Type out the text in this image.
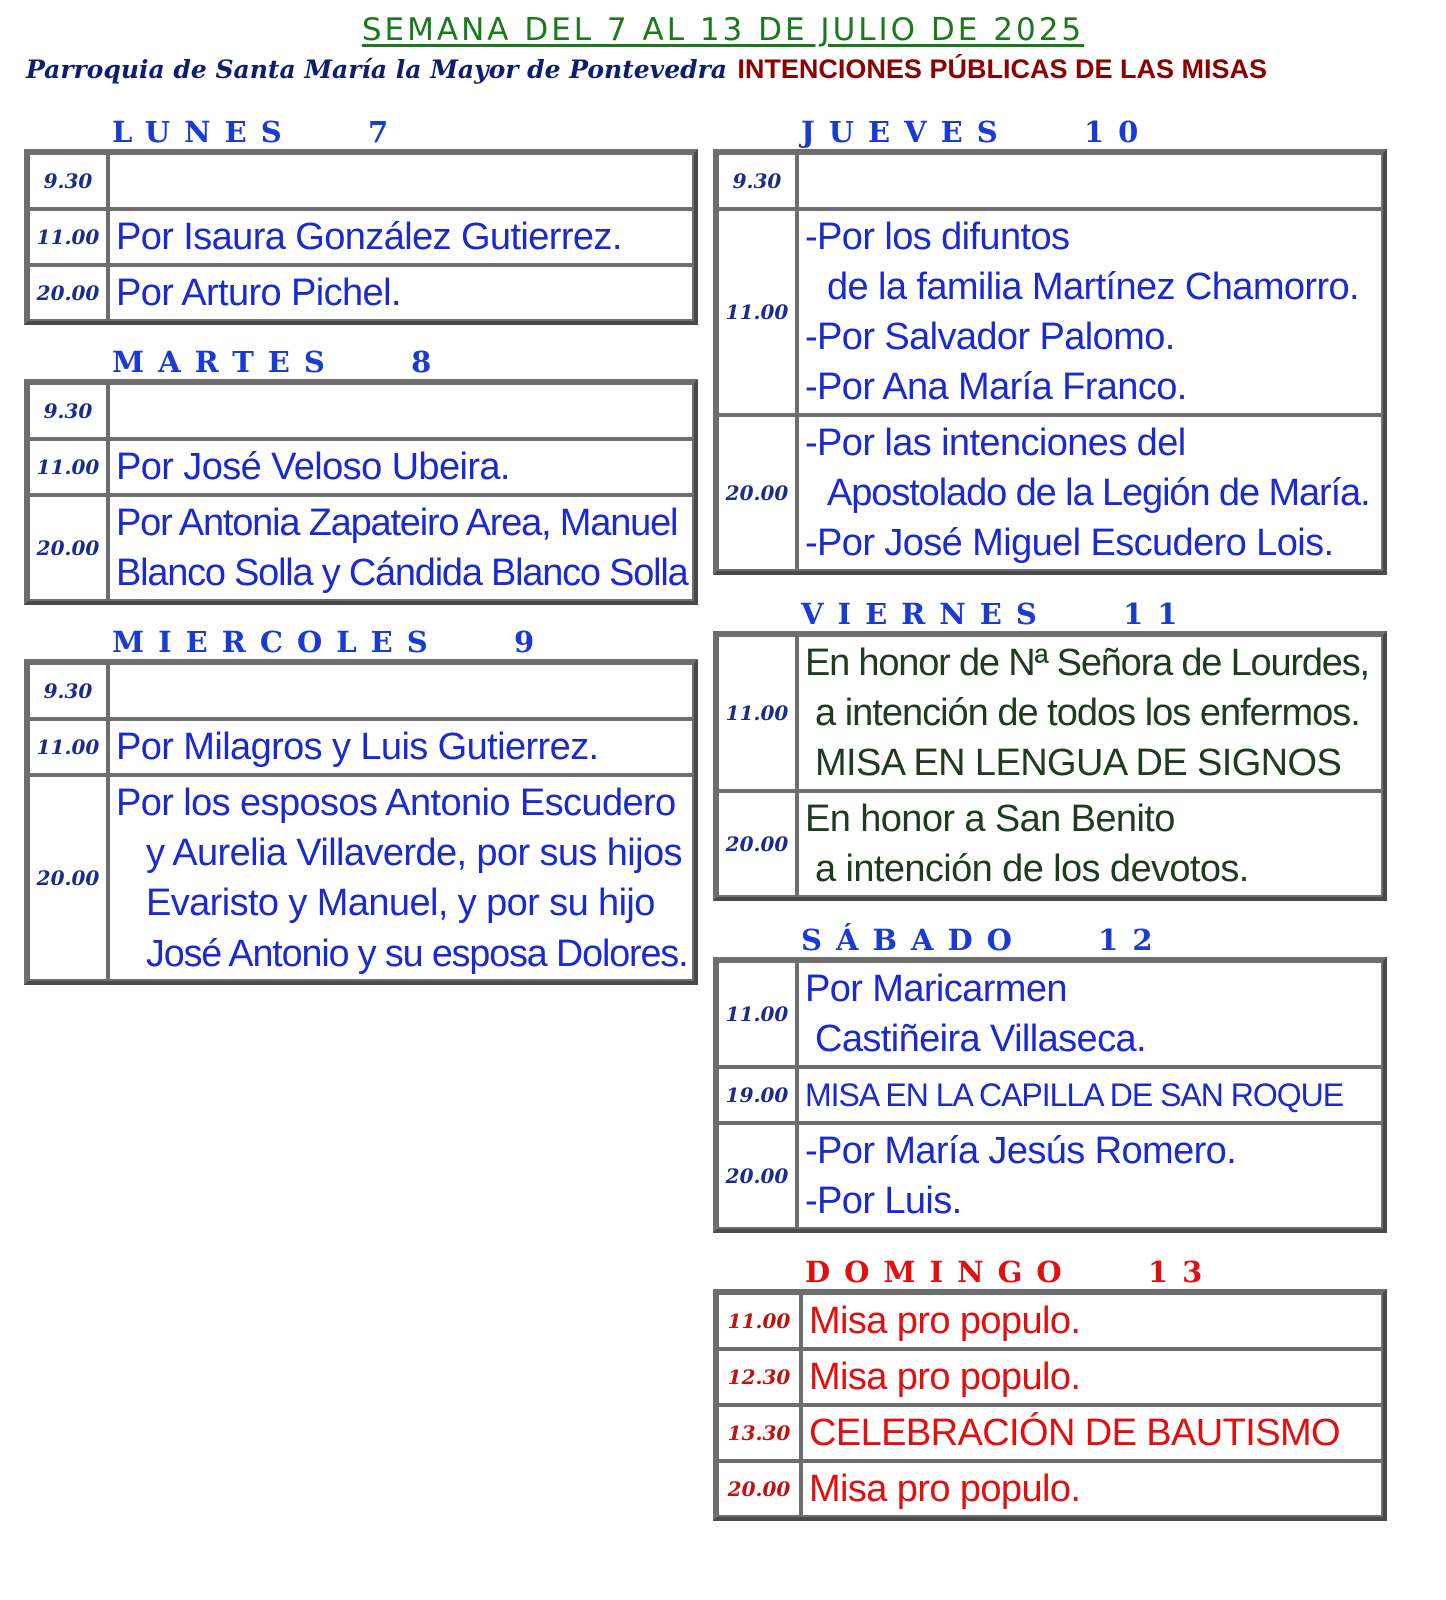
SEMANA DEL 7 AL 13 DE JULIO DE 2025
Parroquia de Santa María la Mayor de Pontevedra INTENCIONES PÚBLICAS DE LAS MISAS
LUNES   7
9.30	
11.00	Por Isaura González Gutierrez.

20.00	Por Arturo Pichel.
MARTES   8
9.30	
11.00	Por José Veloso Ubeira.

20.00	Por Antonia Zapateiro Area, Manuel
Blanco Solla y Cándida Blanco Solla
MIERCOLES   9
9.30	
11.00	Por Milagros y Luis Gutierrez.

20.00	Por los esposos Antonio Escudero
y Aurelia Villaverde, por sus hijos
Evaristo y Manuel, y por su hijo
José Antonio y su esposa Dolores.
JUEVES   10
9.30	
11.00	-Por los difuntos
de la familia Martínez Chamorro.
-Por Salvador Palomo.
-Por Ana María Franco.

20.00	-Por las intenciones del
Apostolado de la Legión de María.
-Por José Miguel Escudero Lois.
VIERNES   11
11.00	En honor de Nª Señora de Lourdes,
a intención de todos los enfermos.
MISA EN LENGUA DE SIGNOS

20.00	En honor a San Benito
a intención de los devotos.
SÁBADO   12
11.00	Por Maricarmen
Castiñeira Villaseca.

19.00	MISA EN LA CAPILLA DE SAN ROQUE

20.00	-Por María Jesús Romero.
-Por Luis.
DOMINGO   13
11.00	Misa pro populo.

12.30	Misa pro populo.

13.30	CELEBRACIÓN DE BAUTISMO

20.00	Misa pro populo.
